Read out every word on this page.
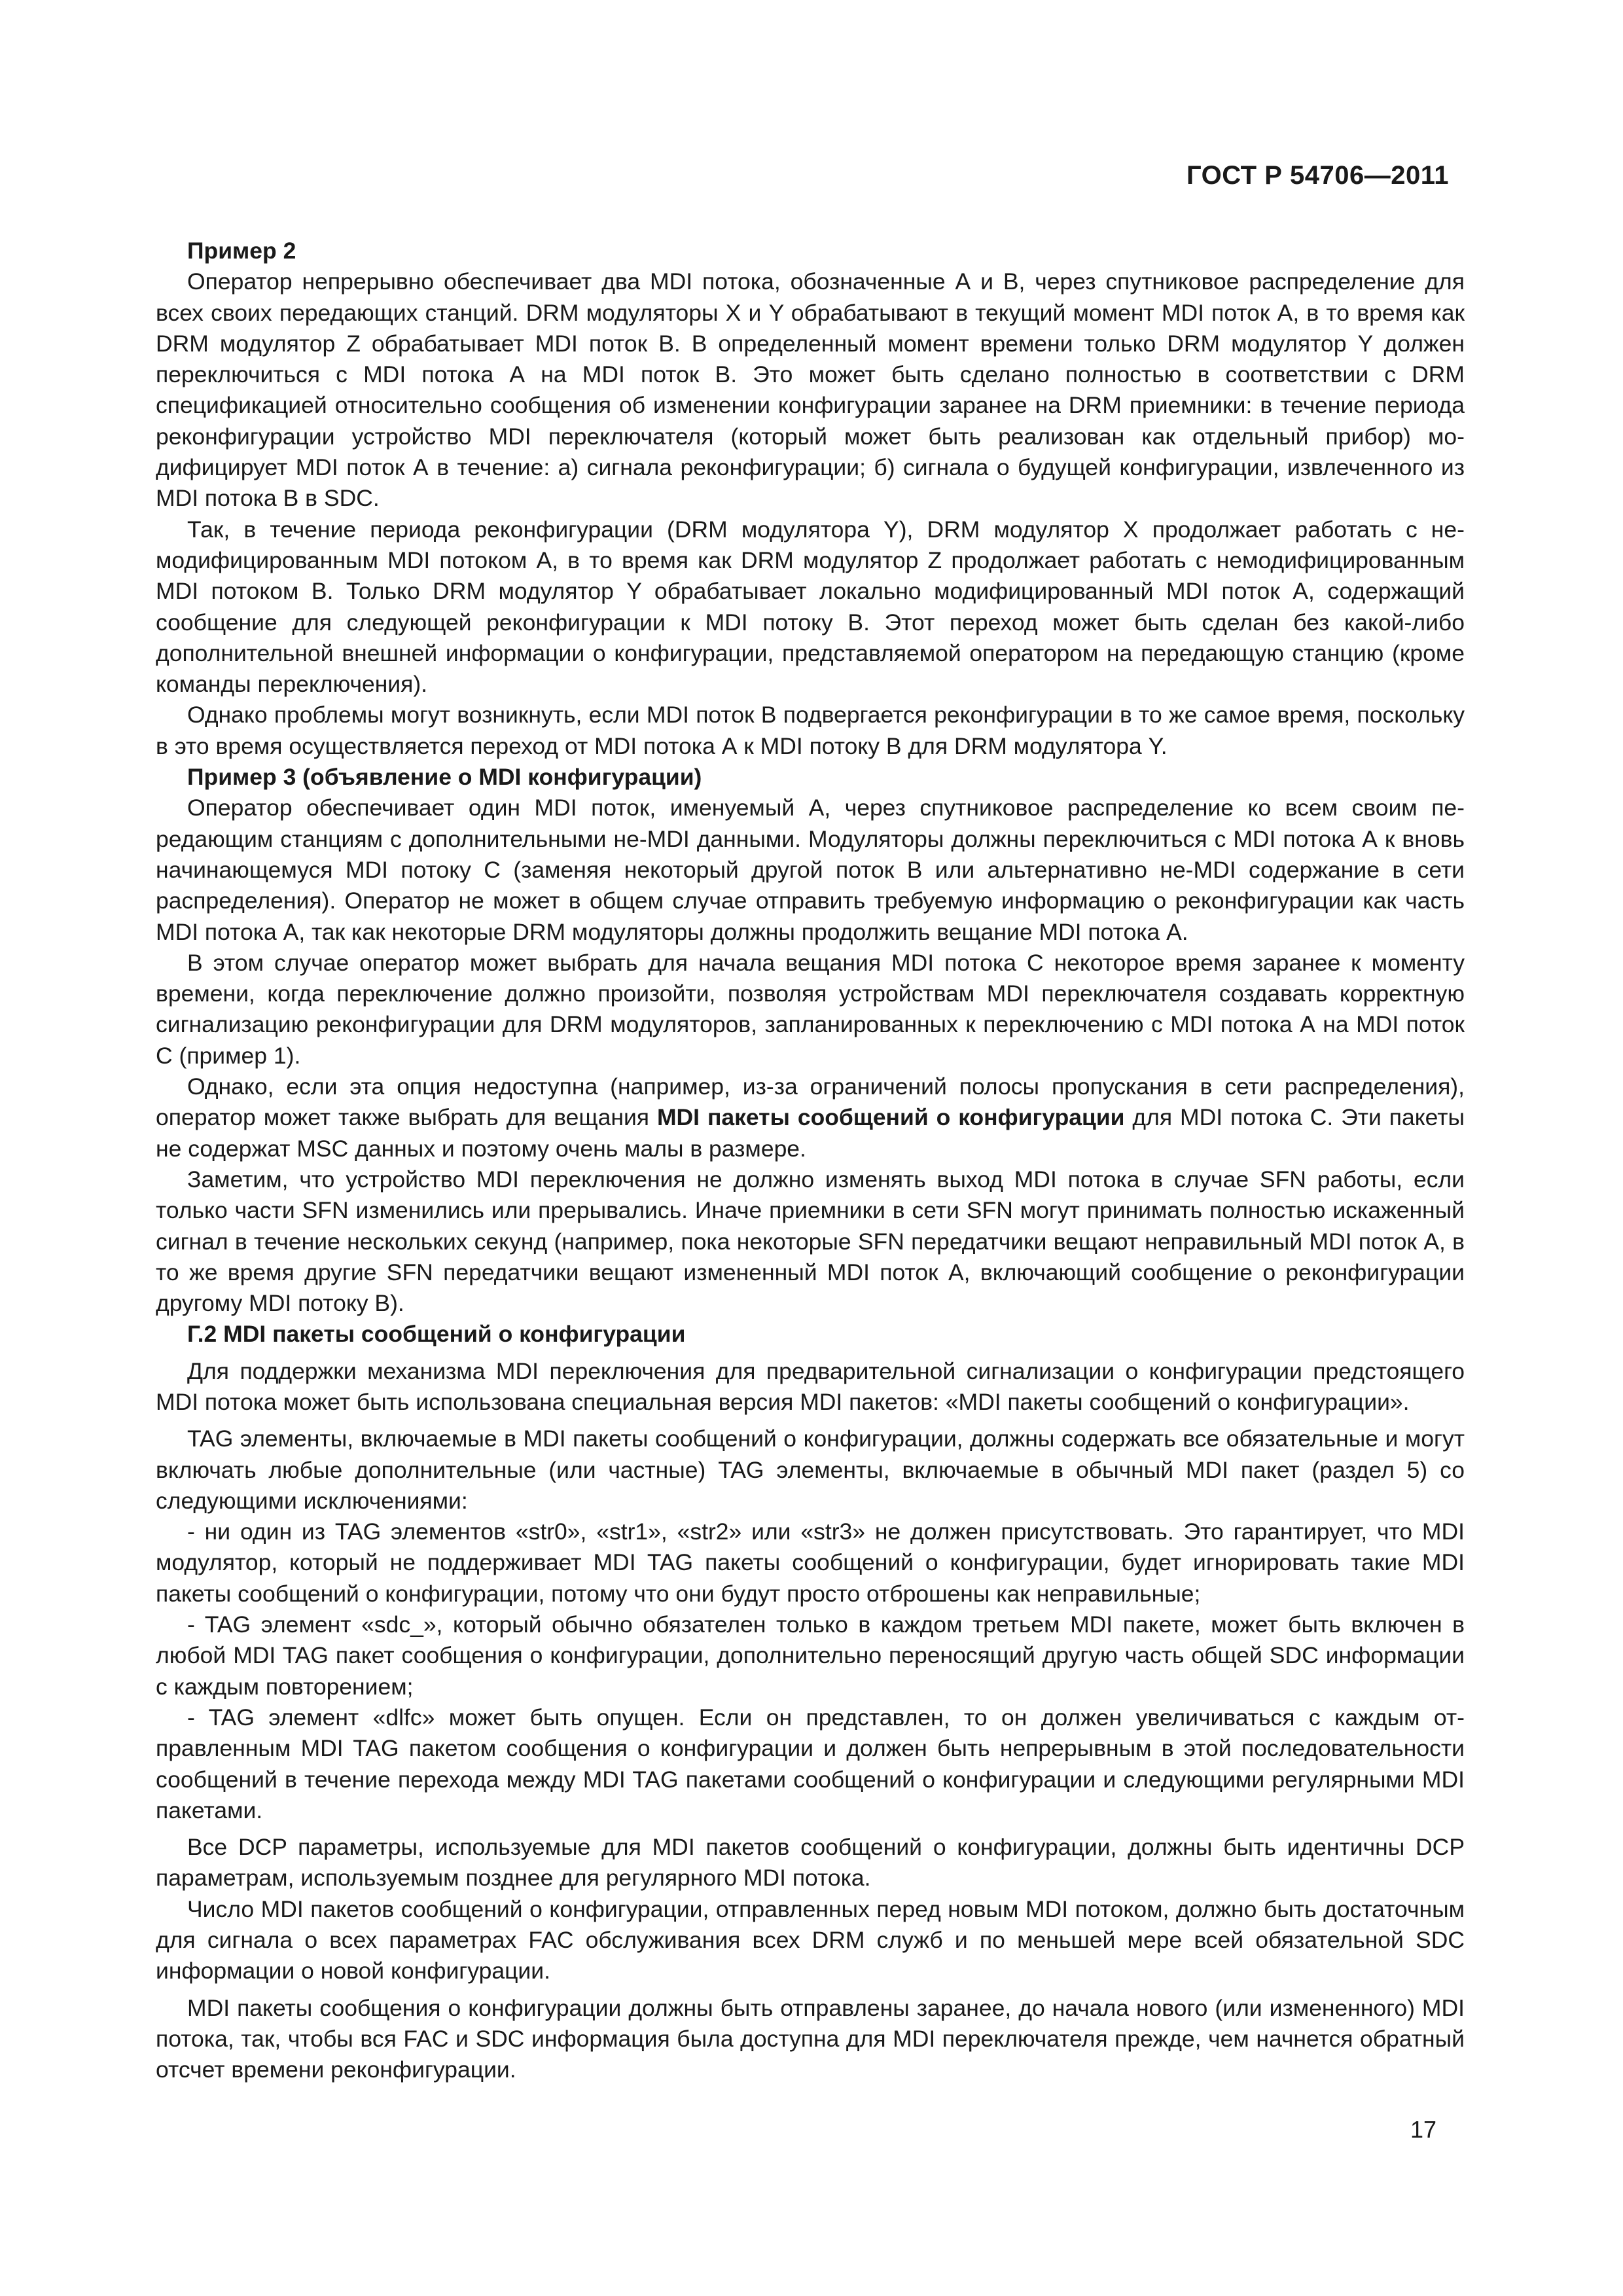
ГОСТ Р 54706—2011

Пример 2

Оператор непрерывно обеспечивает два MDI потока, обозначенные А и В, через спутниковое распределение для всех своих передающих станций. DRM модуляторы X и Y обрабатывают в текущий момент MDI поток А, в то время как DRM модулятор Z обрабатывает MDI поток В. В определенный момент времени только DRM модулятор Y должен переключиться с MDI потока А на MDI поток В. Это может быть сделано полностью в соответствии с DRM спецификацией относительно сообщения об изменении конфигурации заранее на DRM приемники: в течение периода реконфигурации устройство MDI переключателя (который может быть реализован как отдельный прибор) модифицирует MDI поток А в течение: а) сигнала реконфигурации; б) сигнала о будущей конфигурации, извлеченного из MDI потока В в SDC.

Так, в течение периода реконфигурации (DRM модулятора Y), DRM модулятор X продолжает работать с немодифицированным MDI потоком А, в то время как DRM модулятор Z продолжает работать с немодифицированным MDI потоком В. Только DRM модулятор Y обрабатывает локально модифицированный MDI поток А, содержащий сообщение для следующей реконфигурации к MDI потоку В. Этот переход может быть сделан без какой-либо дополнительной внешней информации о конфигурации, представляемой оператором на передающую станцию (кроме команды переключения).

Однако проблемы могут возникнуть, если MDI поток В подвергается реконфигурации в то же самое время, поскольку в это время осуществляется переход от MDI потока А к MDI потоку В для DRM модулятора Y.

Пример 3 (объявление о MDI конфигурации)

Оператор обеспечивает один MDI поток, именуемый А, через спутниковое распределение ко всем своим передающим станциям с дополнительными не-MDI данными. Модуляторы должны переключиться с MDI потока А к вновь начинающемуся MDI потоку С (заменяя некоторый другой поток В или альтернативно не-MDI содержание в сети распределения). Оператор не может в общем случае отправить требуемую информацию о реконфигурации как часть MDI потока А, так как некоторые DRM модуляторы должны продолжить вещание MDI потока А.

В этом случае оператор может выбрать для начала вещания MDI потока С некоторое время заранее к моменту времени, когда переключение должно произойти, позволяя устройствам MDI переключателя создавать корректную сигнализацию реконфигурации для DRM модуляторов, запланированных к переключению с MDI потока А на MDI поток С (пример 1).

Однако, если эта опция недоступна (например, из-за ограничений полосы пропускания в сети распределения), оператор может также выбрать для вещания MDI пакеты сообщений о конфигурации для MDI потока С. Эти пакеты не содержат MSC данных и поэтому очень малы в размере.

Заметим, что устройство MDI переключения не должно изменять выход MDI потока в случае SFN работы, если только части SFN изменились или прерывались. Иначе приемники в сети SFN могут принимать полностью искаженный сигнал в течение нескольких секунд (например, пока некоторые SFN передатчики вещают неправильный MDI поток А, в то же время другие SFN передатчики вещают измененный MDI поток А, включающий сообщение о реконфигурации другому MDI потоку В).

Г.2 MDI пакеты сообщений о конфигурации

Для поддержки механизма MDI переключения для предварительной сигнализации о конфигурации предстоящего MDI потока может быть использована специальная версия MDI пакетов: «MDI пакеты сообщений о конфигурации».

TAG элементы, включаемые в MDI пакеты сообщений о конфигурации, должны содержать все обязательные и могут включать любые дополнительные (или частные) TAG элементы, включаемые в обычный MDI пакет (раздел 5) со следующими исключениями:

- ни один из TAG элементов «str0», «str1», «str2» или «str3» не должен присутствовать. Это гарантирует, что MDI модулятор, который не поддерживает MDI TAG пакеты сообщений о конфигурации, будет игнорировать такие MDI пакеты сообщений о конфигурации, потому что они будут просто отброшены как неправильные;

- TAG элемент «sdc_», который обычно обязателен только в каждом третьем MDI пакете, может быть включен в любой MDI TAG пакет сообщения о конфигурации, дополнительно переносящий другую часть общей SDC информации с каждым повторением;

- TAG элемент «dlfc» может быть опущен. Если он представлен, то он должен увеличиваться с каждым отправленным MDI TAG пакетом сообщения о конфигурации и должен быть непрерывным в этой последовательности сообщений в течение перехода между MDI TAG пакетами сообщений о конфигурации и следующими регулярными MDI пакетами.

Все DCP параметры, используемые для MDI пакетов сообщений о конфигурации, должны быть идентичны DCP параметрам, используемым позднее для регулярного MDI потока.

Число MDI пакетов сообщений о конфигурации, отправленных перед новым MDI потоком, должно быть достаточным для сигнала о всех параметрах FAC обслуживания всех DRM служб и по меньшей мере всей обязательной SDC информации о новой конфигурации.

MDI пакеты сообщения о конфигурации должны быть отправлены заранее, до начала нового (или измененного) MDI потока, так, чтобы вся FAC и SDC информация была доступна для MDI переключателя прежде, чем начнется обратный отсчет времени реконфигурации.

17
